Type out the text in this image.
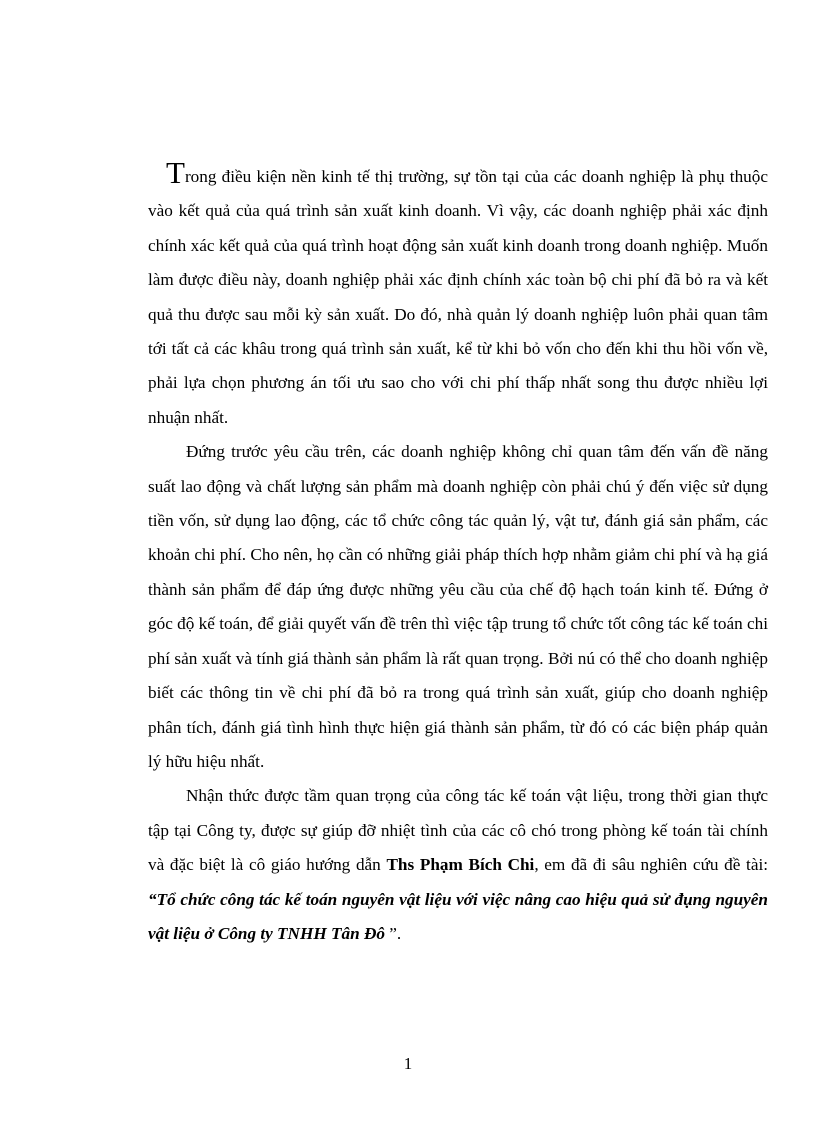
Trong điều kiện nền kinh tế thị trường, sự tồn tại của các doanh nghiệp là phụ thuộc vào kết quả của quá trình sản xuất kinh doanh. Vì vậy, các doanh nghiệp phải xác định chính xác kết quả của quá trình hoạt động sản xuất kinh doanh trong doanh nghiệp. Muốn làm được điều này, doanh nghiệp phải xác định chính xác toàn bộ chi phí đã bỏ ra và kết quả thu được sau mỗi kỳ sản xuất. Do đó, nhà quản lý doanh nghiệp luôn phải quan tâm tới tất cả các khâu trong quá trình sản xuất, kể từ khi bỏ vốn cho đến khi thu hồi vốn về, phải lựa chọn phương án tối ưu sao cho với chi phí thấp nhất song thu được nhiều lợi nhuận nhất.

Đứng trước yêu cầu trên, các doanh nghiệp không chỉ quan tâm đến vấn đề năng suất lao động và chất lượng sản phẩm mà doanh nghiệp còn phải chú ý đến việc sử dụng tiền vốn, sử dụng lao động, các tổ chức công tác quản lý, vật tư, đánh giá sản phẩm, các khoản chi phí. Cho nên, họ cần có những giải pháp thích hợp nhằm giảm chi phí và hạ giá thành sản phẩm để đáp ứng được những yêu cầu của chế độ hạch toán kinh tế. Đứng ở góc độ kế toán, để giải quyết vấn đề trên thì việc tập trung tổ chức tốt công tác kế toán chi phí sản xuất và tính giá thành sản phẩm là rất quan trọng. Bởi nú có thể cho doanh nghiệp biết các thông tin về chi phí đã bỏ ra trong quá trình sản xuất, giúp cho doanh nghiệp phân tích, đánh giá tình hình thực hiện giá thành sản phẩm, từ đó có các biện pháp quản lý hữu hiệu nhất.

Nhận thức được tầm quan trọng của công tác kế toán vật liệu, trong thời gian thực tập tại Công ty, được sự giúp đỡ nhiệt tình của các cô chó trong phòng kế toán tài chính và đặc biệt là cô giáo hướng dẫn Ths Phạm Bích Chi, em đã đi sâu nghiên cứu đề tài: “Tổ chức công tác kế toán nguyên vật liệu với việc nâng cao hiệu quả sử đụng nguyên vật liệu ở Công ty TNHH Tân Đô ”.

1
